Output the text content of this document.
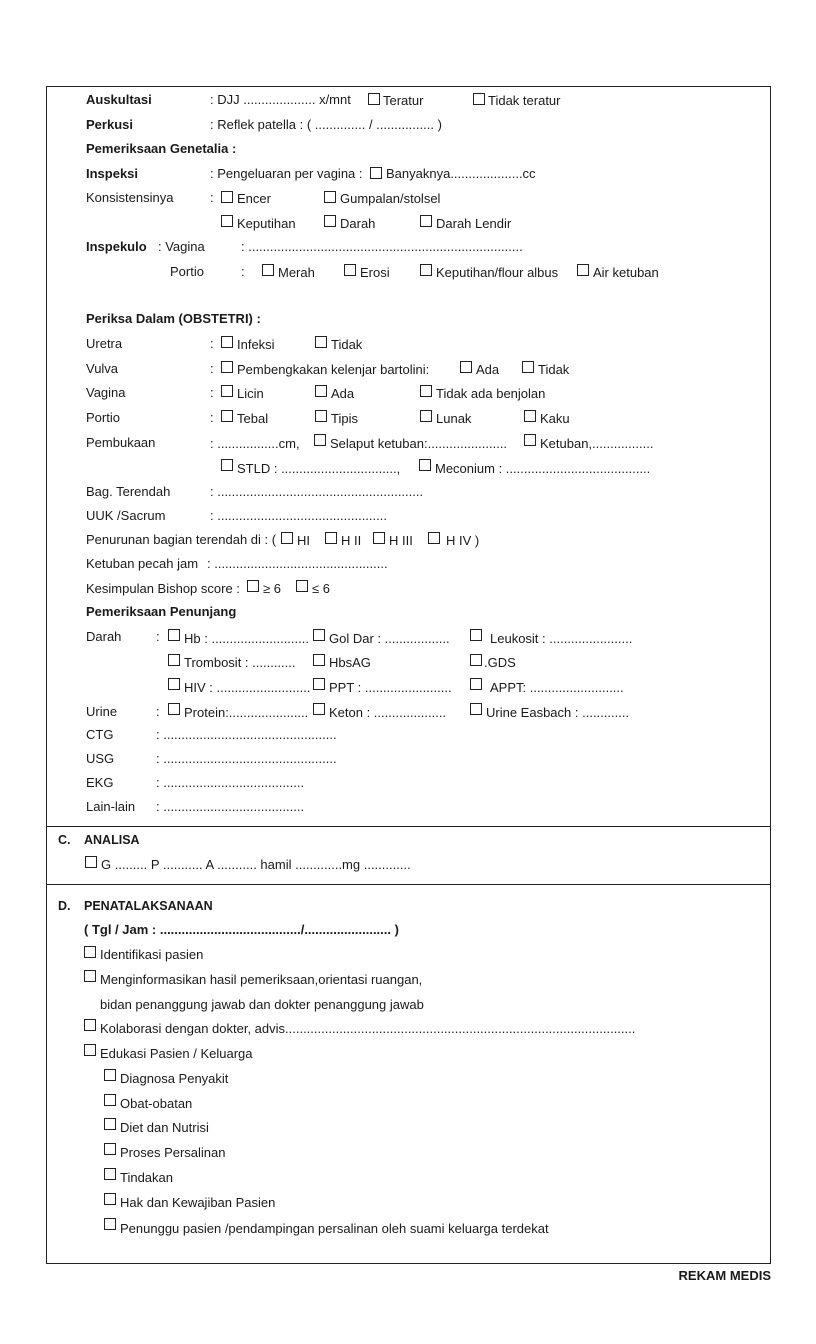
Auskultasi	: DJJ .................... x/mnt Teratur	Tidak teratur
Perkusi	: Reflek patella : ( .............. / ................ )
Pemeriksaan Genetalia :
Inspeksi	: Pengeluaran per vagina : Banyaknya....................cc
Konsistensinya	: Encer	Gumpalan/stolsel
Keputihan	Darah	Darah Lendir
Inspekulo : Vagina	: ............................................................................
Portio	:	Merah	Erosi	Keputihan/flour albus	Air ketuban
Periksa Dalam (OBSTETRI) :
Uretra	: Infeksi	Tidak
Vulva	: Pembengkakan kelenjar bartolini:	Ada	Tidak
Vagina	: Licin	Ada	Tidak ada benjolan
Portio	: Tebal	Tipis	Lunak	Kaku
Pembukaan	: .................cm, Selaput ketuban:......................	Ketuban,.................
STLD : ................................,	Meconium : ........................................
Bag. Terendah	: .........................................................
UUK /Sacrum	: ...............................................
Penurunan bagian terendah di : ( HI H II H III	H IV )
Ketuban pecah jam : ................................................
Kesimpulan Bishop score : ≥ 6 ≤ 6
Pemeriksaan Penunjang
Darah	: Hb : ........................... Gol Dar : ..................	Leukosit : .......................
Trombosit : ............	HbsAG	.GDS
HIV : .......................... PPT : ........................	APPT: ..........................
Urine	: Protein:...................... Keton : ....................	Urine Easbach : .............
CTG	: ................................................
USG	: ................................................
EKG	: .......................................
Lain-lain : .......................................
C. ANALISA
G ......... P ........... A ........... hamil .............mg .............
D. PENATALAKSANAAN
( Tgl / Jam : ......................................./........................ )
Identifikasi pasien
Menginformasikan hasil pemeriksaan,orientasi ruangan,
bidan penanggung jawab dan dokter penanggung jawab
Kolaborasi dengan dokter, advis.................................................................................................
Edukasi Pasien / Keluarga
Diagnosa Penyakit
Obat-obatan
Diet dan Nutrisi
Proses Persalinan
Tindakan
Hak dan Kewajiban Pasien
Penunggu pasien /pendampingan persalinan oleh suami keluarga terdekat
REKAM MEDIS
